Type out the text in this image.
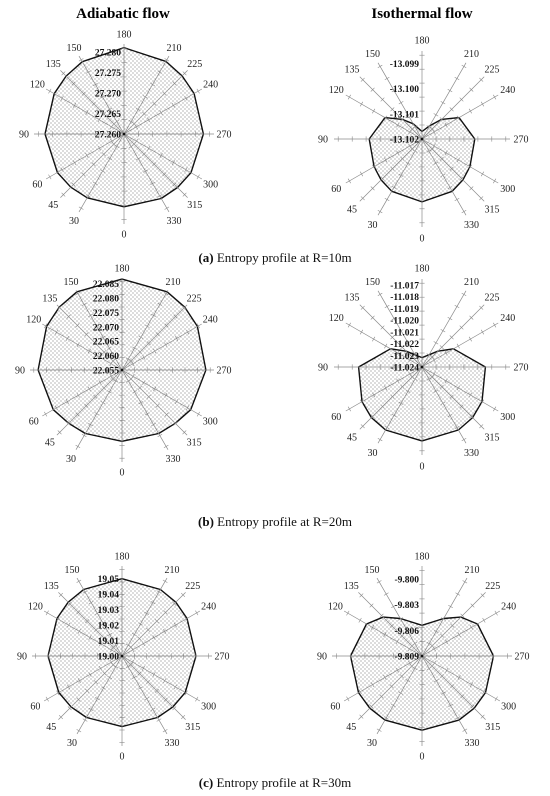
Adiabatic flow	Isothermal flow
0
30
45
60
90
120
135
150
180
210
225
240
270
300
315
330
27.260
27.265
27.270
27.275
27.280
0
30
45
60
90
120
135
150
180
210
225
240
270
300
315
330
-13.102
-13.101
-13.100
-13.099
0
30
45
60
90
120
135
150
180
210
225
240
270
300
315
330
22.055
22.060
22.065
22.070
22.075
22.080
22.085
0
30
45
60
90
120
135
150
180
210
225
240
270
300
315
330
-11.024
-11.023
-11.022
-11.021
-11.020
-11.019
-11.018
-11.017
0
30
45
60
90
120
135
150
180
210
225
240
270
300
315
330
19.00
19.01
19.02
19.03
19.04
19.05
0
30
45
60
90
120
135
150
180
210
225
240
270
300
315
330
-9.809
-9.806
-9.803
-9.800
(a) Entropy profile at R=10m
(b) Entropy profile at R=20m
(c) Entropy profile at R=30m
